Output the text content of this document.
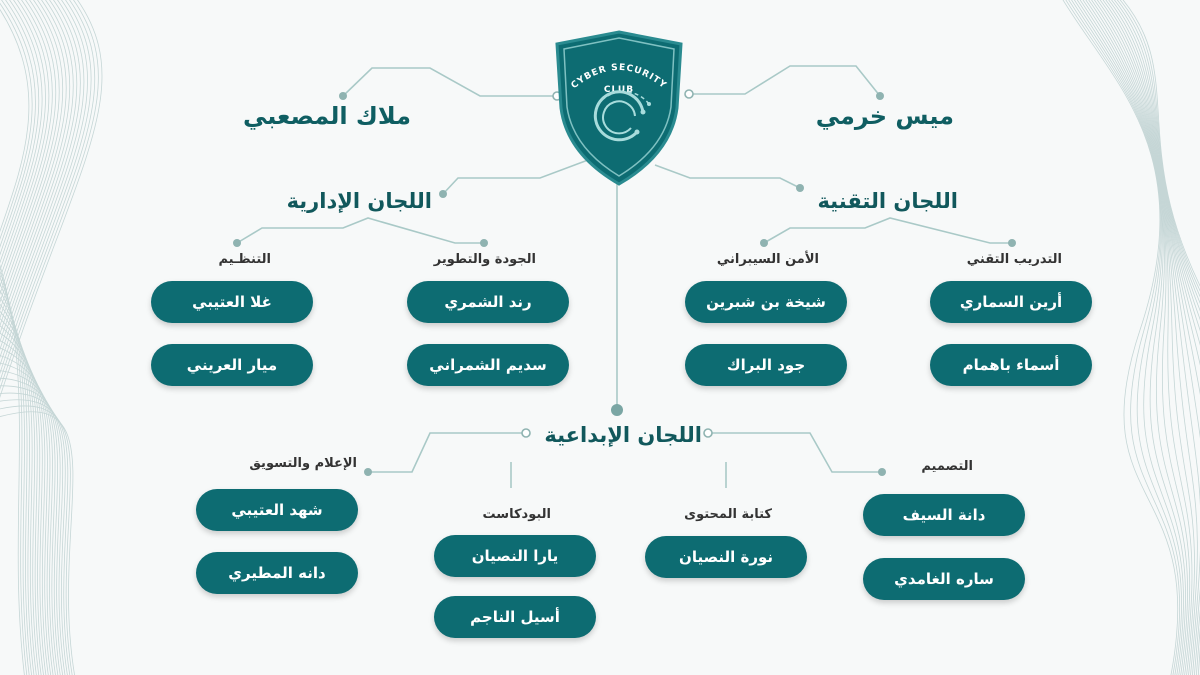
CYBER SECURITY
CLUB
ميس خرمي
ملاك المصعبي
اللجان التقنية
التدريب التقني
الأمن السيبراني
أرين السماري
أسماء باهمام
شيخة بن شبرين
جود البراك
اللجان الإدارية
الجودة والتطوير
التنظـيم
رند الشمري
سديم الشمراني
غلا العتيبي
ميار العريني
اللجان الإبداعية
التصميم
كتابة المحتوى
البودكاست
الإعلام والتسويق
دانة السيف
ساره الغامدي
نورة النصيان
يارا النصيان
أسيل الناجم
شهد العتيبي
دانه المطيري
